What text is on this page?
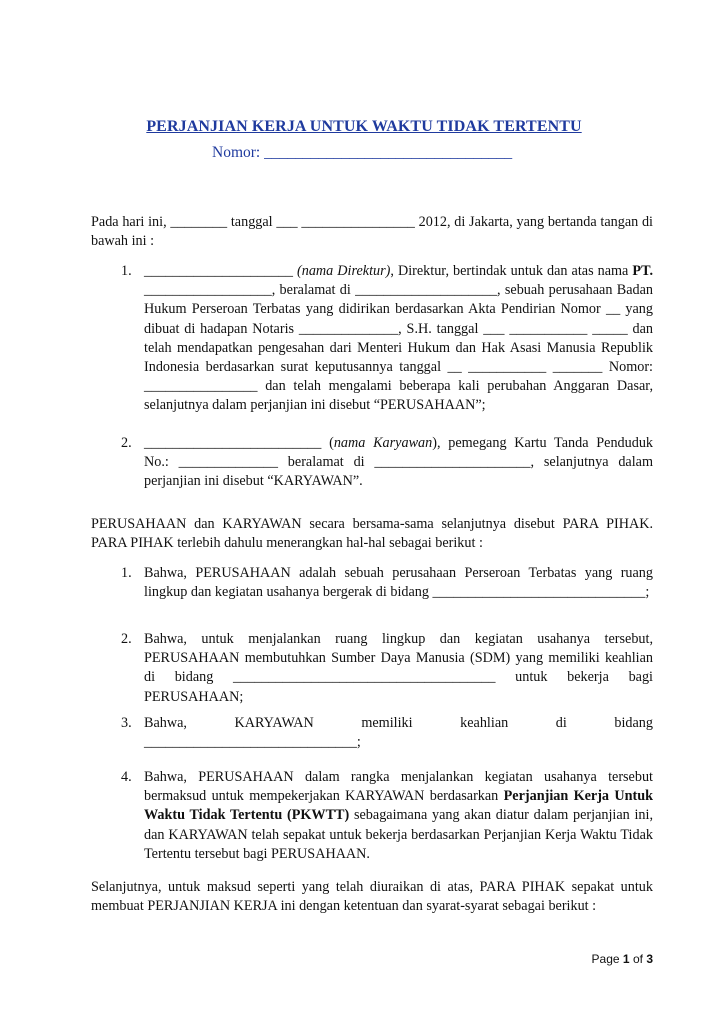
PERJANJIAN KERJA UNTUK WAKTU TIDAK TERTENTU
Nomor: ________________________________
Pada hari ini, ________ tanggal ___ ________________ 2012, di Jakarta, yang bertanda tangan di bawah ini :
1. _____________________ (nama Direktur), Direktur, bertindak untuk dan atas nama PT. __________________, beralamat di ____________________, sebuah perusahaan Badan Hukum Perseroan Terbatas yang didirikan berdasarkan Akta Pendirian Nomor __ yang dibuat di hadapan Notaris ______________, S.H. tanggal ___ ___________ _____ dan telah mendapatkan pengesahan dari Menteri Hukum dan Hak Asasi Manusia Republik Indonesia berdasarkan surat keputusannya tanggal __ ___________ _______ Nomor: ________________ dan telah mengalami beberapa kali perubahan Anggaran Dasar, selanjutnya dalam perjanjian ini disebut “PERUSAHAAN”;
2. _________________________ (nama Karyawan), pemegang Kartu Tanda Penduduk No.: ______________ beralamat di ______________________, selanjutnya dalam perjanjian ini disebut “KARYAWAN”.
PERUSAHAAN dan KARYAWAN secara bersama-sama selanjutnya disebut PARA PIHAK. PARA PIHAK terlebih dahulu menerangkan hal-hal sebagai berikut :
1. Bahwa, PERUSAHAAN adalah sebuah perusahaan Perseroan Terbatas yang ruang lingkup dan kegiatan usahanya bergerak di bidang ______________________________;
2. Bahwa, untuk menjalankan ruang lingkup dan kegiatan usahanya tersebut, PERUSAHAAN membutuhkan Sumber Daya Manusia (SDM) yang memiliki keahlian di bidang _____________________________________ untuk bekerja bagi PERUSAHAAN;
3. Bahwa, KARYAWAN memiliki keahlian di bidang ______________________________;
4. Bahwa, PERUSAHAAN dalam rangka menjalankan kegiatan usahanya tersebut bermaksud untuk mempekerjakan KARYAWAN berdasarkan Perjanjian Kerja Untuk Waktu Tidak Tertentu (PKWTT) sebagaimana yang akan diatur dalam perjanjian ini, dan KARYAWAN telah sepakat untuk bekerja berdasarkan Perjanjian Kerja Waktu Tidak Tertentu tersebut bagi PERUSAHAAN.
Selanjutnya, untuk maksud seperti yang telah diuraikan di atas, PARA PIHAK sepakat untuk membuat PERJANJIAN KERJA ini dengan ketentuan dan syarat-syarat sebagai berikut :
Page 1 of 3
